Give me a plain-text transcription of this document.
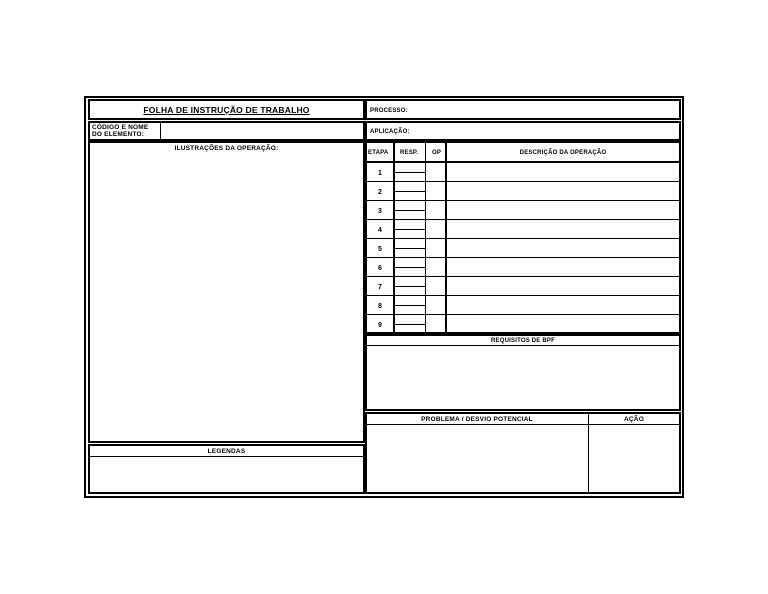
FOLHA DE INSTRUÇÃO DE TRABALHO	PROCESSO:
CÓDIGO E NOME
DO ELEMENTO:	APLICAÇÃO:
ILUSTRAÇÕES DA OPERAÇÃO:
LEGENDAS
ETAPA RESP. OP	DESCRIÇÃO DA OPERAÇÃO
1
2
3
4
5
6
7
8
9
REQUISITOS DE BPF
PROBLEMA / DESVIO POTENCIAL	AÇÃO
